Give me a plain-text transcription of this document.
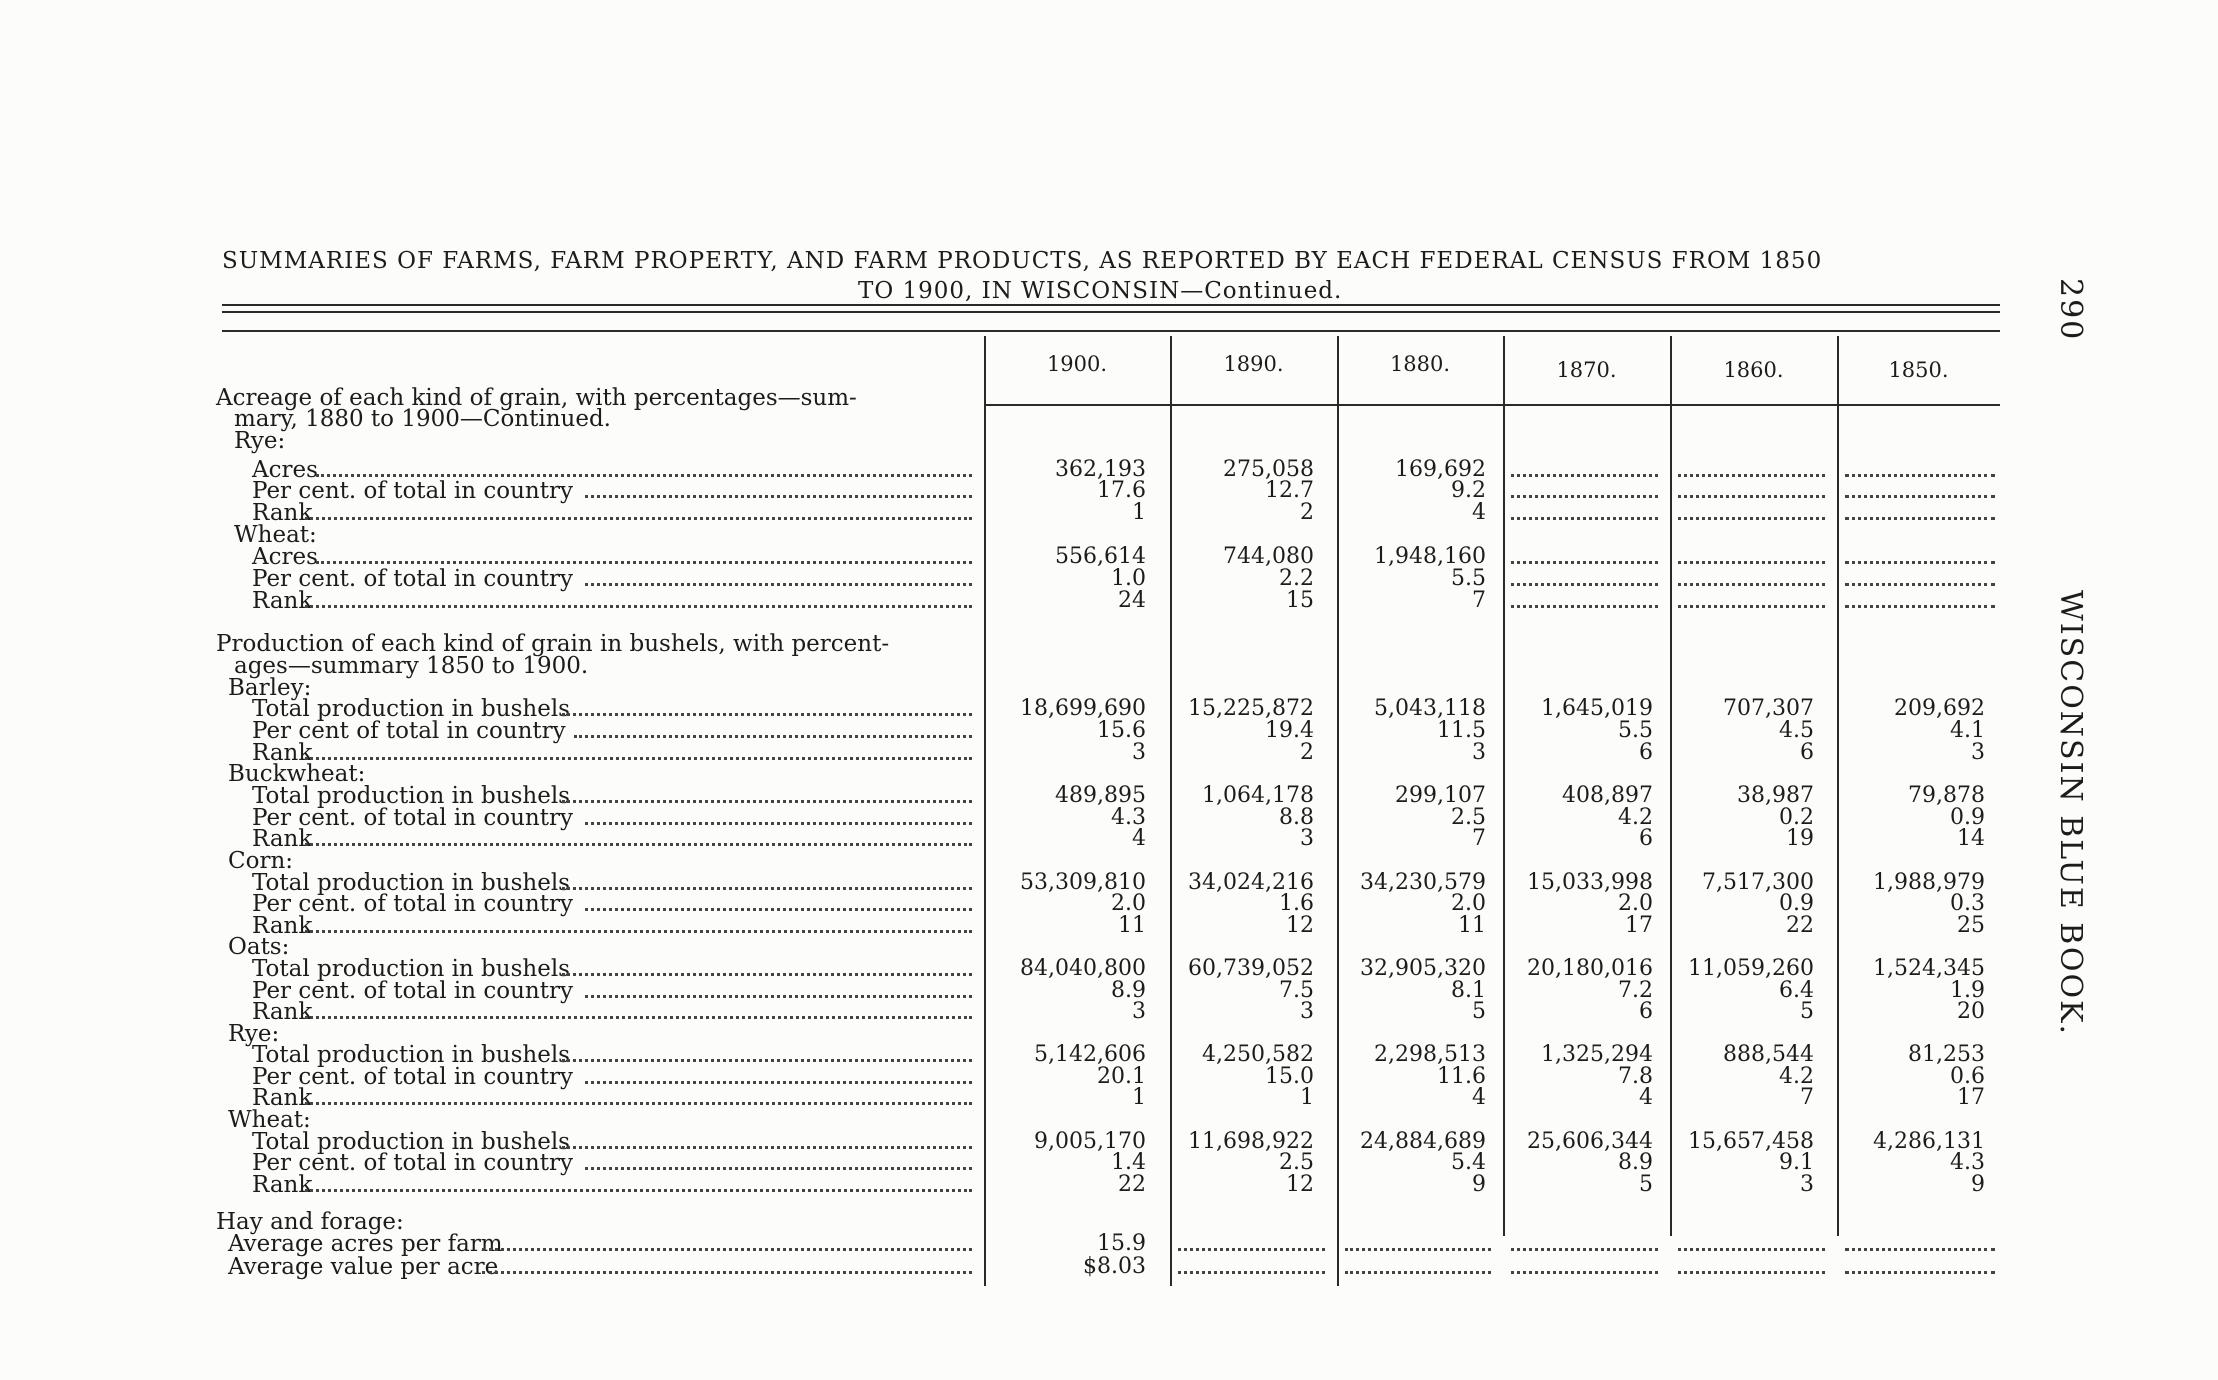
SUMMARIES OF FARMS, FARM PROPERTY, AND FARM PRODUCTS, AS REPORTED BY EACH FEDERAL CENSUS FROM 1850
TO 1900, IN WISCONSIN—Continued.	290
WISCONSIN BLUE BOOK.
1900.	1890.	1880.	1870.	1860.	1850.
Acreage of each kind of grain, with percentages—sum-
mary, 1880 to 1900—Continued.
Rye:
Acres	362,193	275,058	169,692
Per cent. of total in country	17.6	12.7	9.2
Rank	1	2	4
Wheat:
Acres	556,614	744,080	1,948,160
Per cent. of total in country	1.0	2.2	5.5
Rank	24	15	7
Production of each kind of grain in bushels, with percent-
ages—summary 1850 to 1900.
Barley:
Total production in bushels	18,699,690	15,225,872	5,043,118	1,645,019	707,307	209,692
Per cent of total in country	15.6	19.4	11.5	5.5	4.5	4.1
Rank	3	2	3	6	6	3
Buckwheat:
Total production in bushels	489,895	1,064,178	299,107	408,897	38,987	79,878
Per cent. of total in country	4.3	8.8	2.5	4.2	0.2	0.9
Rank	4	3	7	6	19	14
Corn:
Total production in bushels	53,309,810	34,024,216	34,230,579	15,033,998	7,517,300	1,988,979
Per cent. of total in country	2.0	1.6	2.0	2.0	0.9	0.3
Rank	11	12	11	17	22	25
Oats:
Total production in bushels	84,040,800	60,739,052	32,905,320	20,180,016	11,059,260	1,524,345
Per cent. of total in country	8.9	7.5	8.1	7.2	6.4	1.9
Rank	3	3	5	6	5	20
Rye:
Total production in bushels	5,142,606	4,250,582	2,298,513	1,325,294	888,544	81,253
Per cent. of total in country	20.1	15.0	11.6	7.8	4.2	0.6
Rank	1	1	4	4	7	17
Wheat:
Total production in bushels	9,005,170	11,698,922	24,884,689	25,606,344	15,657,458	4,286,131
Per cent. of total in country	1.4	2.5	5.4	8.9	9.1	4.3
Rank	22	12	9	5	3	9
Hay and forage:
Average acres per farm	15.9
Average value per acre	$8.03
